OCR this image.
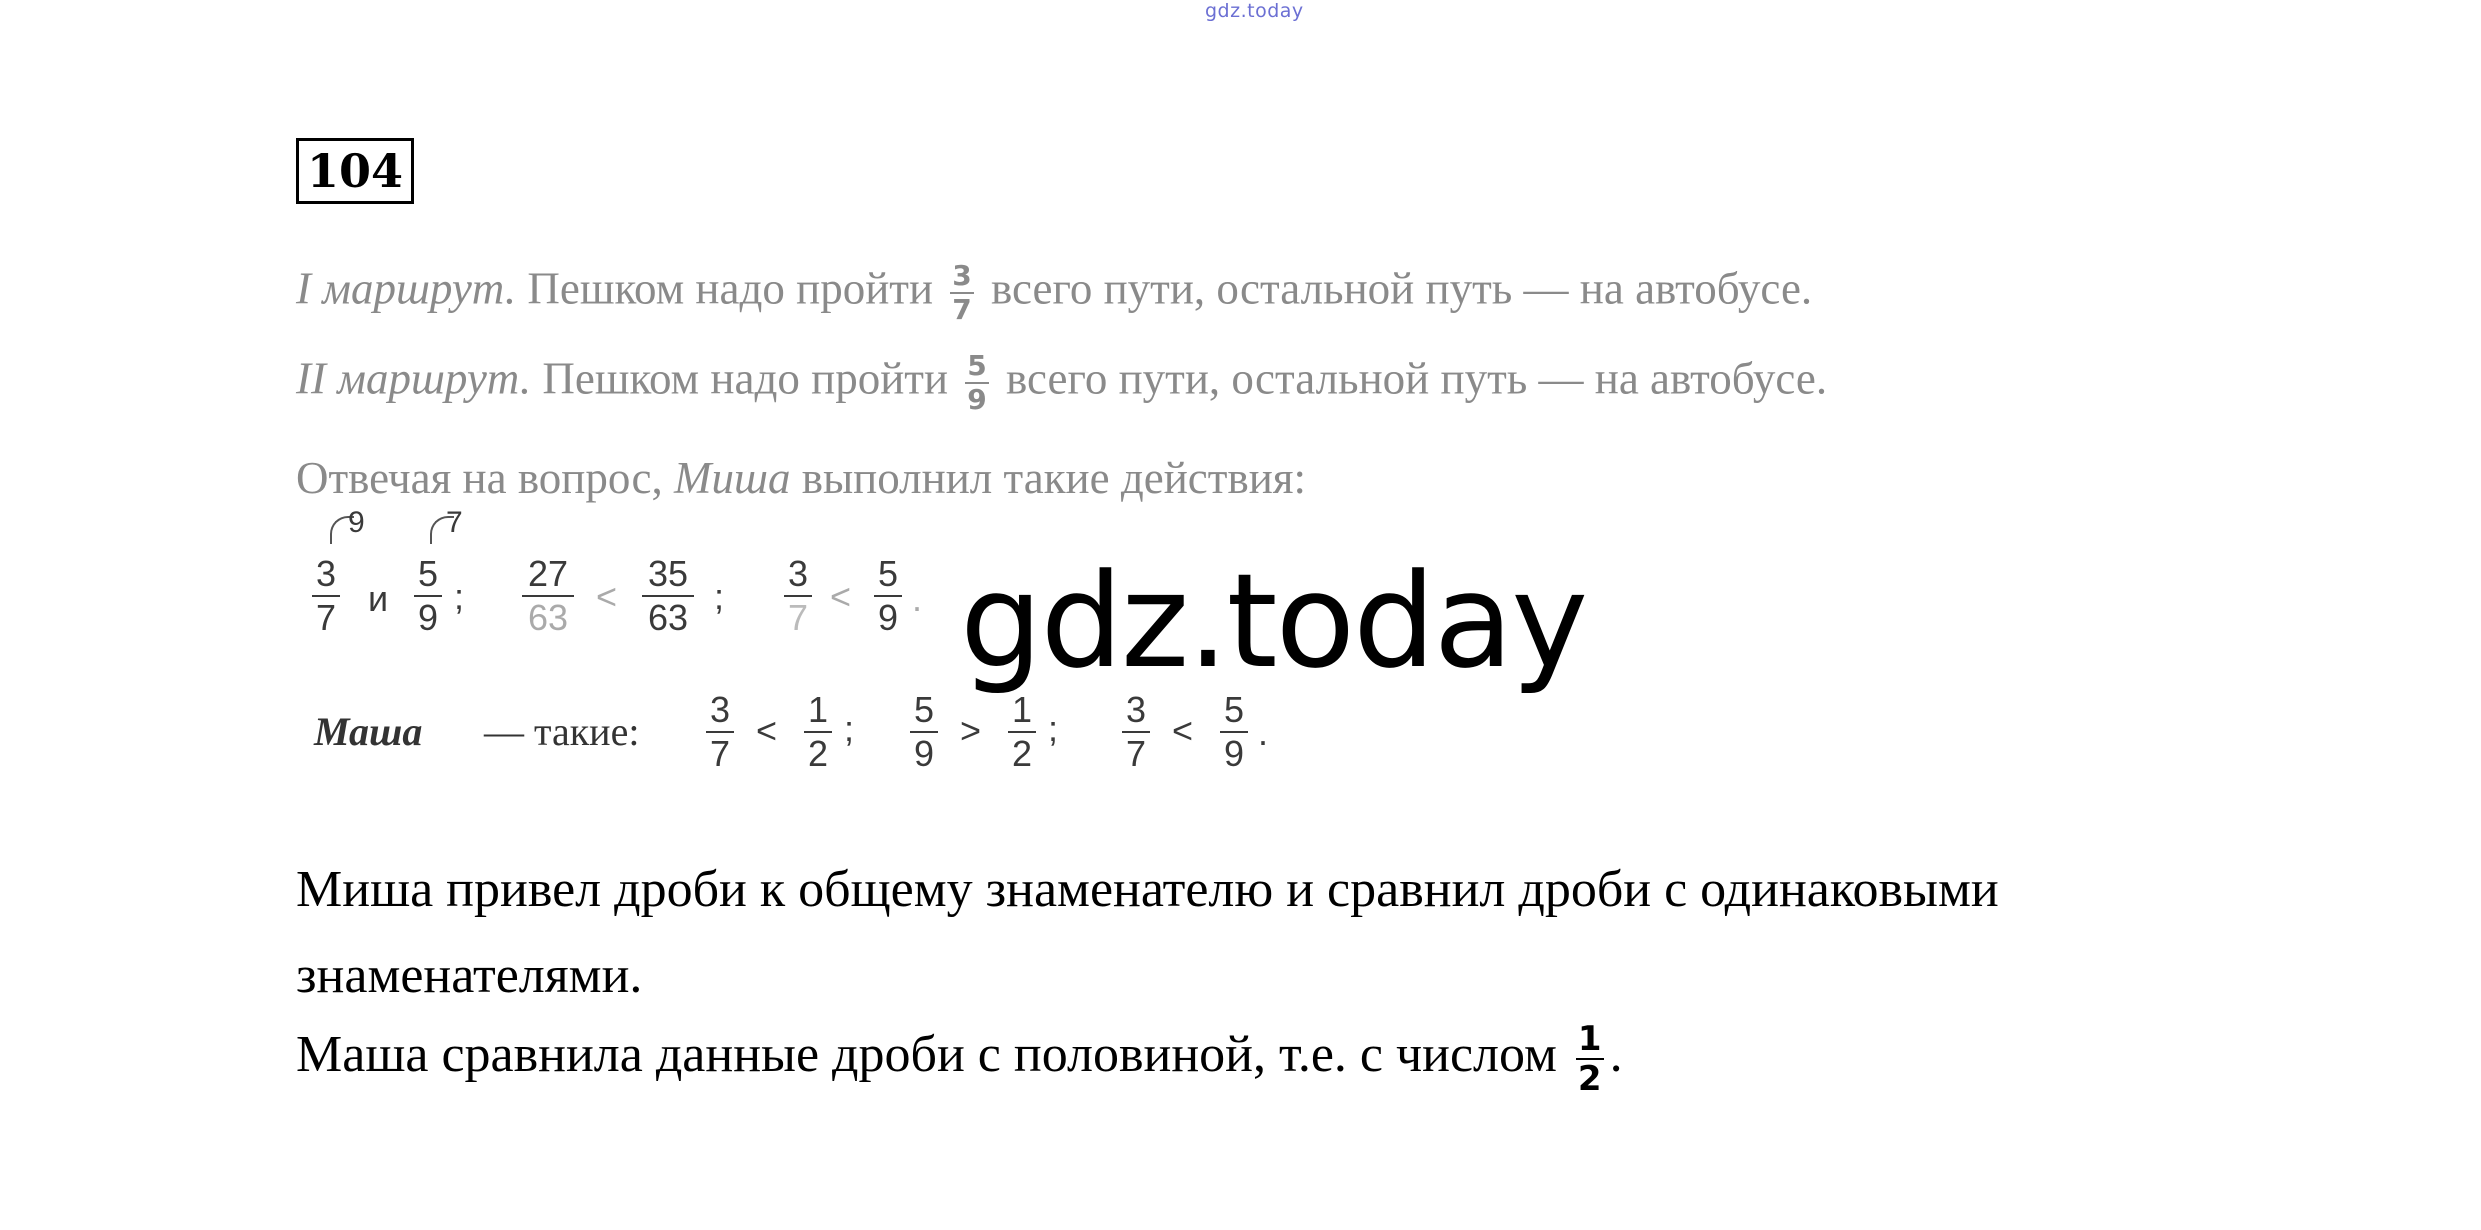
gdz.today
104
I маршрут. Пешком надо пройти $\frac{3}{7}$ всего пути, остальной путь — на автобусе.
II маршрут. Пешком надо пройти $\frac{5}{9}$ всего пути, остальной путь — на автобусе.
Отвечая на вопрос, Миша выполнил такие действия:
9	7
$\frac{3}{7}$ и $\frac{5}{9}$ ; $\frac{27}{63} < \frac{35}{63}$ ; $\frac{3}{7} < \frac{5}{9}$ .
Маша — такие: $\frac{3}{7} < \frac{1}{2}$ ; $\frac{5}{9} > \frac{1}{2}$ ; $\frac{3}{7} < \frac{5}{9}$ .
gdz.today
Миша привел дроби к общему знаменателю и сравнил дроби с одинаковыми
знаменателями.
Маша сравнила данные дроби с половиной, т.е. с числом $\frac{1}{2}$ .
